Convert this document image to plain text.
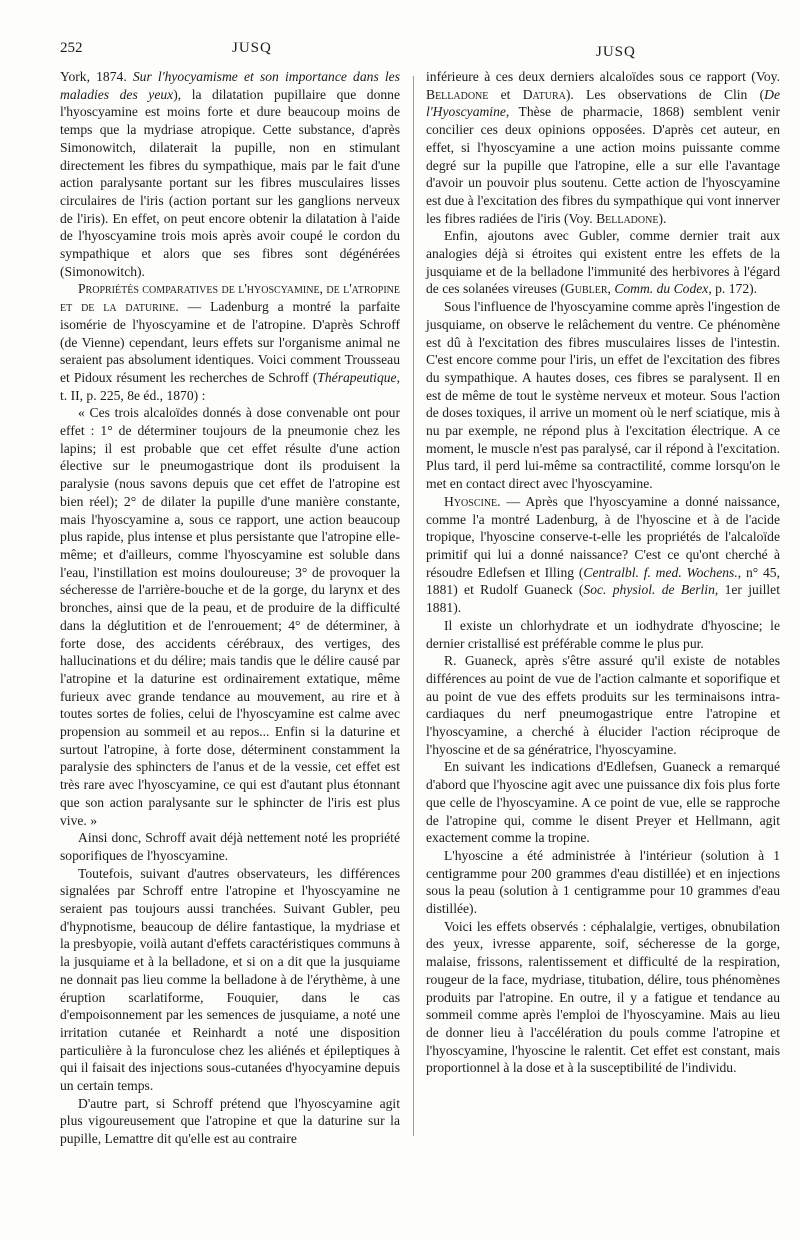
252	JUSQ	JUSQ

York, 1874. Sur l'hyocyamisme et son importance dans les maladies des yeux), la dilatation pupillaire que donne l'hyoscyamine est moins forte et dure beaucoup moins de temps que la mydriase atropique. Cette substance, d'après Simonowitch, dilaterait la pupille, non en stimulant directement les fibres du sympathique, mais par le fait d'une action paralysante portant sur les fibres musculaires lisses circulaires de l'iris (action portant sur les ganglions nerveux de l'iris). En effet, on peut encore obtenir la dilatation à l'aide de l'hyoscyamine trois mois après avoir coupé le cordon du sympathique et alors que ses fibres sont dégénérées (Simonowitch).

Propriétés comparatives de l'hyoscyamine, de l'atropine et de la daturine. — Ladenburg a montré la parfaite isomérie de l'hyoscyamine et de l'atropine. D'après Schroff (de Vienne) cependant, leurs effets sur l'organisme animal ne seraient pas absolument identiques. Voici comment Trousseau et Pidoux résument les recherches de Schroff (Thérapeutique, t. II, p. 225, 8e éd., 1870) :

« Ces trois alcaloïdes donnés à dose convenable ont pour effet : 1° de déterminer toujours de la pneumonie chez les lapins; il est probable que cet effet résulte d'une action élective sur le pneumogastrique dont ils produisent la paralysie (nous savons depuis que cet effet de l'atropine est bien réel); 2° de dilater la pupille d'une manière constante, mais l'hyoscyamine a, sous ce rapport, une action beaucoup plus rapide, plus intense et plus persistante que l'atropine elle-même; et d'ailleurs, comme l'hyoscyamine est soluble dans l'eau, l'instillation est moins douloureuse; 3° de provoquer la sécheresse de l'arrière-bouche et de la gorge, du larynx et des bronches, ainsi que de la peau, et de produire de la difficulté dans la déglutition et de l'enrouement; 4° de déterminer, à forte dose, des accidents cérébraux, des vertiges, des hallucinations et du délire; mais tandis que le délire causé par l'atropine et la daturine est ordinairement extatique, même furieux avec grande tendance au mouvement, au rire et à toutes sortes de folies, celui de l'hyoscyamine est calme avec propension au sommeil et au repos... Enfin si la daturine et surtout l'atropine, à forte dose, déterminent constamment la paralysie des sphincters de l'anus et de la vessie, cet effet est très rare avec l'hyoscyamine, ce qui est d'autant plus étonnant que son action paralysante sur le sphincter de l'iris est plus vive. »

Ainsi donc, Schroff avait déjà nettement noté les propriété soporifiques de l'hyoscyamine.

Toutefois, suivant d'autres observateurs, les différences signalées par Schroff entre l'atropine et l'hyoscyamine ne seraient pas toujours aussi tranchées. Suivant Gubler, peu d'hypnotisme, beaucoup de délire fantastique, la mydriase et la presbyopie, voilà autant d'effets caractéristiques communs à la jusquiame et à la belladone, et si on a dit que la jusquiame ne donnait pas lieu comme la belladone à de l'érythème, à une éruption scarlatiforme, Fouquier, dans le cas d'empoisonnement par les semences de jusquiame, a noté une irritation cutanée et Reinhardt a noté une disposition particulière à la furonculose chez les aliénés et épileptiques à qui il faisait des injections sous-cutanées d'hyocyamine depuis un certain temps.

D'autre part, si Schroff prétend que l'hyoscyamine agit plus vigoureusement que l'atropine et que la daturine sur la pupille, Lemattre dit qu'elle est au contraire

inférieure à ces deux derniers alcaloïdes sous ce rapport (Voy. Belladone et Datura). Les observations de Clin (De l'Hyoscyamine, Thèse de pharmacie, 1868) semblent venir concilier ces deux opinions opposées. D'après cet auteur, en effet, si l'hyoscyamine a une action moins puissante comme degré sur la pupille que l'atropine, elle a sur elle l'avantage d'avoir un pouvoir plus soutenu. Cette action de l'hyoscyamine est due à l'excitation des fibres du sympathique qui vont innerver les fibres radiées de l'iris (Voy. Belladone).

Enfin, ajoutons avec Gubler, comme dernier trait aux analogies déjà si étroites qui existent entre les effets de la jusquiame et de la belladone l'immunité des herbivores à l'égard de ces solanées vireuses (Gubler, Comm. du Codex, p. 172).

Sous l'influence de l'hyoscyamine comme après l'ingestion de jusquiame, on observe le relâchement du ventre. Ce phénomène est dû à l'excitation des fibres musculaires lisses de l'intestin. C'est encore comme pour l'iris, un effet de l'excitation des fibres du sympathique. A hautes doses, ces fibres se paralysent. Il en est de même de tout le système nerveux et moteur. Sous l'action de doses toxiques, il arrive un moment où le nerf sciatique, mis à nu par exemple, ne répond plus à l'excitation électrique. A ce moment, le muscle n'est pas paralysé, car il répond à l'excitation. Plus tard, il perd lui-même sa contractilité, comme lorsqu'on le met en contact direct avec l'hyoscyamine.

Hyoscine. — Après que l'hyoscyamine a donné naissance, comme l'a montré Ladenburg, à de l'hyoscine et à de l'acide tropique, l'hyoscine conserve-t-elle les propriétés de l'alcaloïde primitif qui lui a donné naissance? C'est ce qu'ont cherché à résoudre Edlefsen et Illing (Centralbl. f. med. Wochens., n° 45, 1881) et Rudolf Guaneck (Soc. physiol. de Berlin, 1er juillet 1881).

Il existe un chlorhydrate et un iodhydrate d'hyoscine; le dernier cristallisé est préférable comme le plus pur.

R. Guaneck, après s'être assuré qu'il existe de notables différences au point de vue de l'action calmante et soporifique et au point de vue des effets produits sur les terminaisons intra-cardiaques du nerf pneumogastrique entre l'atropine et l'hyoscyamine, a cherché à élucider l'action réciproque de l'hyoscine et de sa génératrice, l'hyoscyamine.

En suivant les indications d'Edlefsen, Guaneck a remarqué d'abord que l'hyoscine agit avec une puissance dix fois plus forte que celle de l'hyoscyamine. A ce point de vue, elle se rapproche de l'atropine qui, comme le disent Preyer et Hellmann, agit exactement comme la tropine.

L'hyoscine a été administrée à l'intérieur (solution à 1 centigramme pour 200 grammes d'eau distillée) et en injections sous la peau (solution à 1 centigramme pour 10 grammes d'eau distillée).

Voici les effets observés : céphalalgie, vertiges, obnubilation des yeux, ivresse apparente, soif, sécheresse de la gorge, malaise, frissons, ralentissement et difficulté de la respiration, rougeur de la face, mydriase, titubation, délire, tous phénomènes produits par l'atropine. En outre, il y a fatigue et tendance au sommeil comme après l'emploi de l'hyoscyamine. Mais au lieu de donner lieu à l'accélération du pouls comme l'atropine et l'hyoscyamine, l'hyoscine le ralentit. Cet effet est constant, mais proportionnel à la dose et à la susceptibilité de l'individu.
